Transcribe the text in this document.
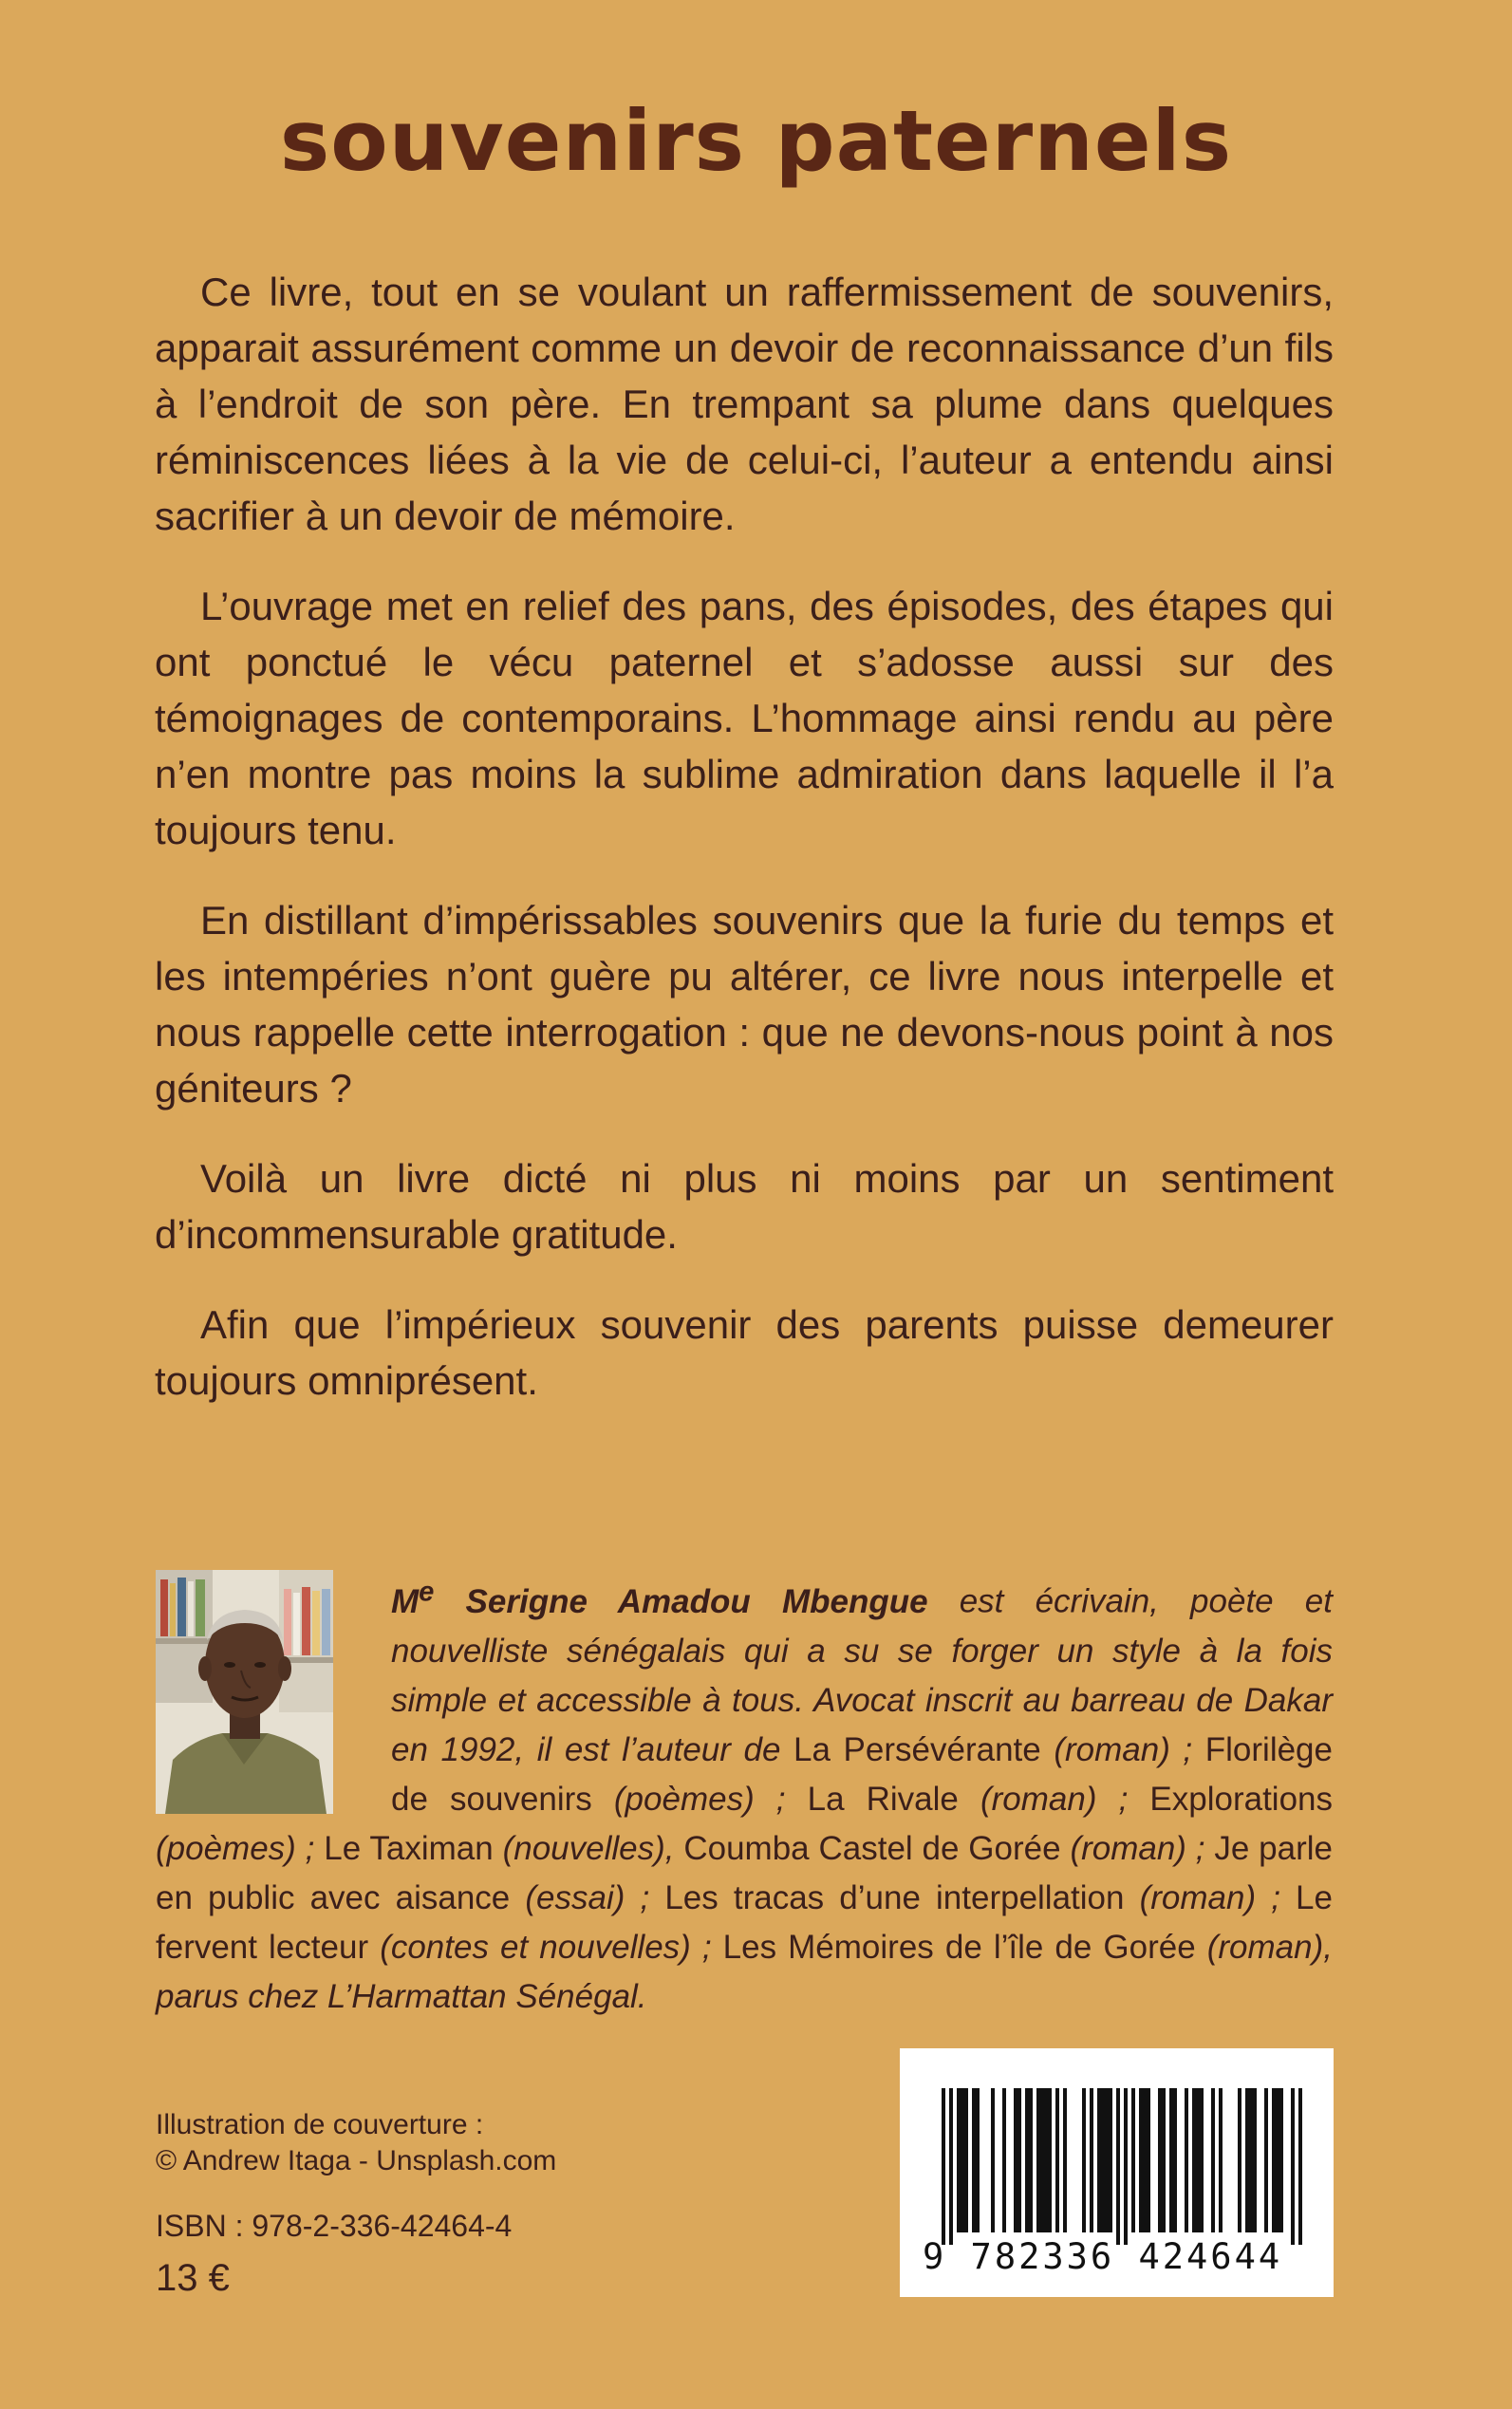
souvenirs paternels

Ce livre, tout en se voulant un raffermissement de souvenirs, apparait assurément comme un devoir de reconnaissance d’un fils à l’endroit de son père. En trempant sa plume dans quelques réminiscences liées à la vie de celui-ci, l’auteur a entendu ainsi sacrifier à un devoir de mémoire.

L’ouvrage met en relief des pans, des épisodes, des étapes qui ont ponctué le vécu paternel et s’adosse aussi sur des témoignages de contemporains. L’hommage ainsi rendu au père n’en montre pas moins la sublime admiration dans laquelle il l’a toujours tenu.

En distillant d’impérissables souvenirs que la furie du temps et les intempéries n’ont guère pu altérer, ce livre nous interpelle et nous rappelle cette interrogation : que ne devons-nous point à nos géniteurs ?

Voilà un livre dicté ni plus ni moins par un sentiment d’incommensurable gratitude.

Afin que l’impérieux souvenir des parents puisse demeurer toujours omniprésent.

Me Serigne Amadou Mbengue est écrivain, poète et nouvelliste sénégalais qui a su se forger un style à la fois simple et accessible à tous. Avocat inscrit au barreau de Dakar en 1992, il est l’auteur de La Persévérante (roman) ; Florilège de souvenirs (poèmes) ; La Rivale (roman) ; Explorations (poèmes) ; Le Taximan (nouvelles), Coumba Castel de Gorée (roman) ; Je parle en public avec aisance (essai) ; Les tracas d’une interpellation (roman) ; Le fervent lecteur (contes et nouvelles) ; Les Mémoires de l’île de Gorée (roman), parus chez L’Harmattan Sénégal.

Illustration de couverture :
© Andrew Itaga - Unsplash.com
ISBN : 978-2-336-42464-4
13 €
9 782336 424644
